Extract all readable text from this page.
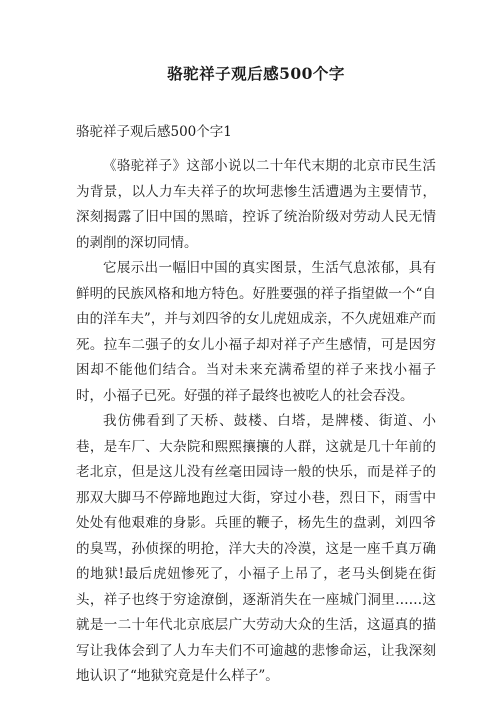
骆驼祥子观后感500个字
骆驼祥子观后感500个字1

《骆驼祥子》这部小说以二十年代末期的北京市民生活为背景，以人力车夫祥子的坎坷悲惨生活遭遇为主要情节，深刻揭露了旧中国的黑暗，控诉了统治阶级对劳动人民无情的剥削的深切同情。

它展示出一幅旧中国的真实图景，生活气息浓郁，具有鲜明的民族风格和地方特色。好胜要强的祥子指望做一个“自由的洋车夫”，并与刘四爷的女儿虎妞成亲，不久虎妞难产而死。拉车二强子的女儿小福子却对祥子产生感情，可是因穷困却不能他们结合。当对未来充满希望的祥子来找小福子时，小福子已死。好强的祥子最终也被吃人的社会吞没。

我仿佛看到了天桥、鼓楼、白塔，是牌楼、街道、小巷，是车厂、大杂院和熙熙攘攘的人群，这就是几十年前的老北京，但是这儿没有丝毫田园诗一般的快乐，而是祥子的那双大脚马不停蹄地跑过大街，穿过小巷，烈日下，雨雪中处处有他艰难的身影。兵匪的鞭子，杨先生的盘剥，刘四爷的臭骂，孙侦探的明抢，洋大夫的冷漠，这是一座千真万确的地狱!最后虎妞惨死了，小福子上吊了，老马头倒毙在街头，祥子也终于穷途潦倒，逐渐消失在一座城门洞里……这就是一二十年代北京底层广大劳动大众的生活，这逼真的描写让我体会到了人力车夫们不可逾越的悲惨命运，让我深刻地认识了“地狱究竟是什么样子”。
